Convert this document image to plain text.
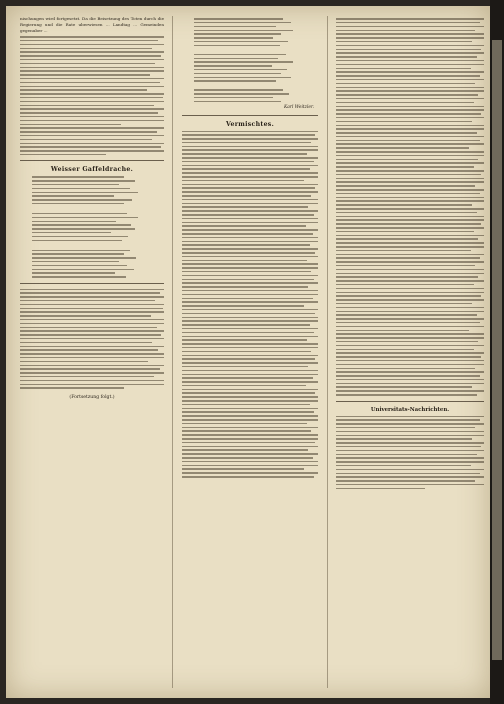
nischungen wird fortgesetzt. Da die Beisetzung des Toten durch die Regierung und die Rate uberwiesen ... Landtag ... Gemeinden gegenuber ...

Weisser Gaffeldrache.
(Fortsetzung folgt.)
Karl Weitzler.
Vermischtes.
Universitats-Nachrichten.
